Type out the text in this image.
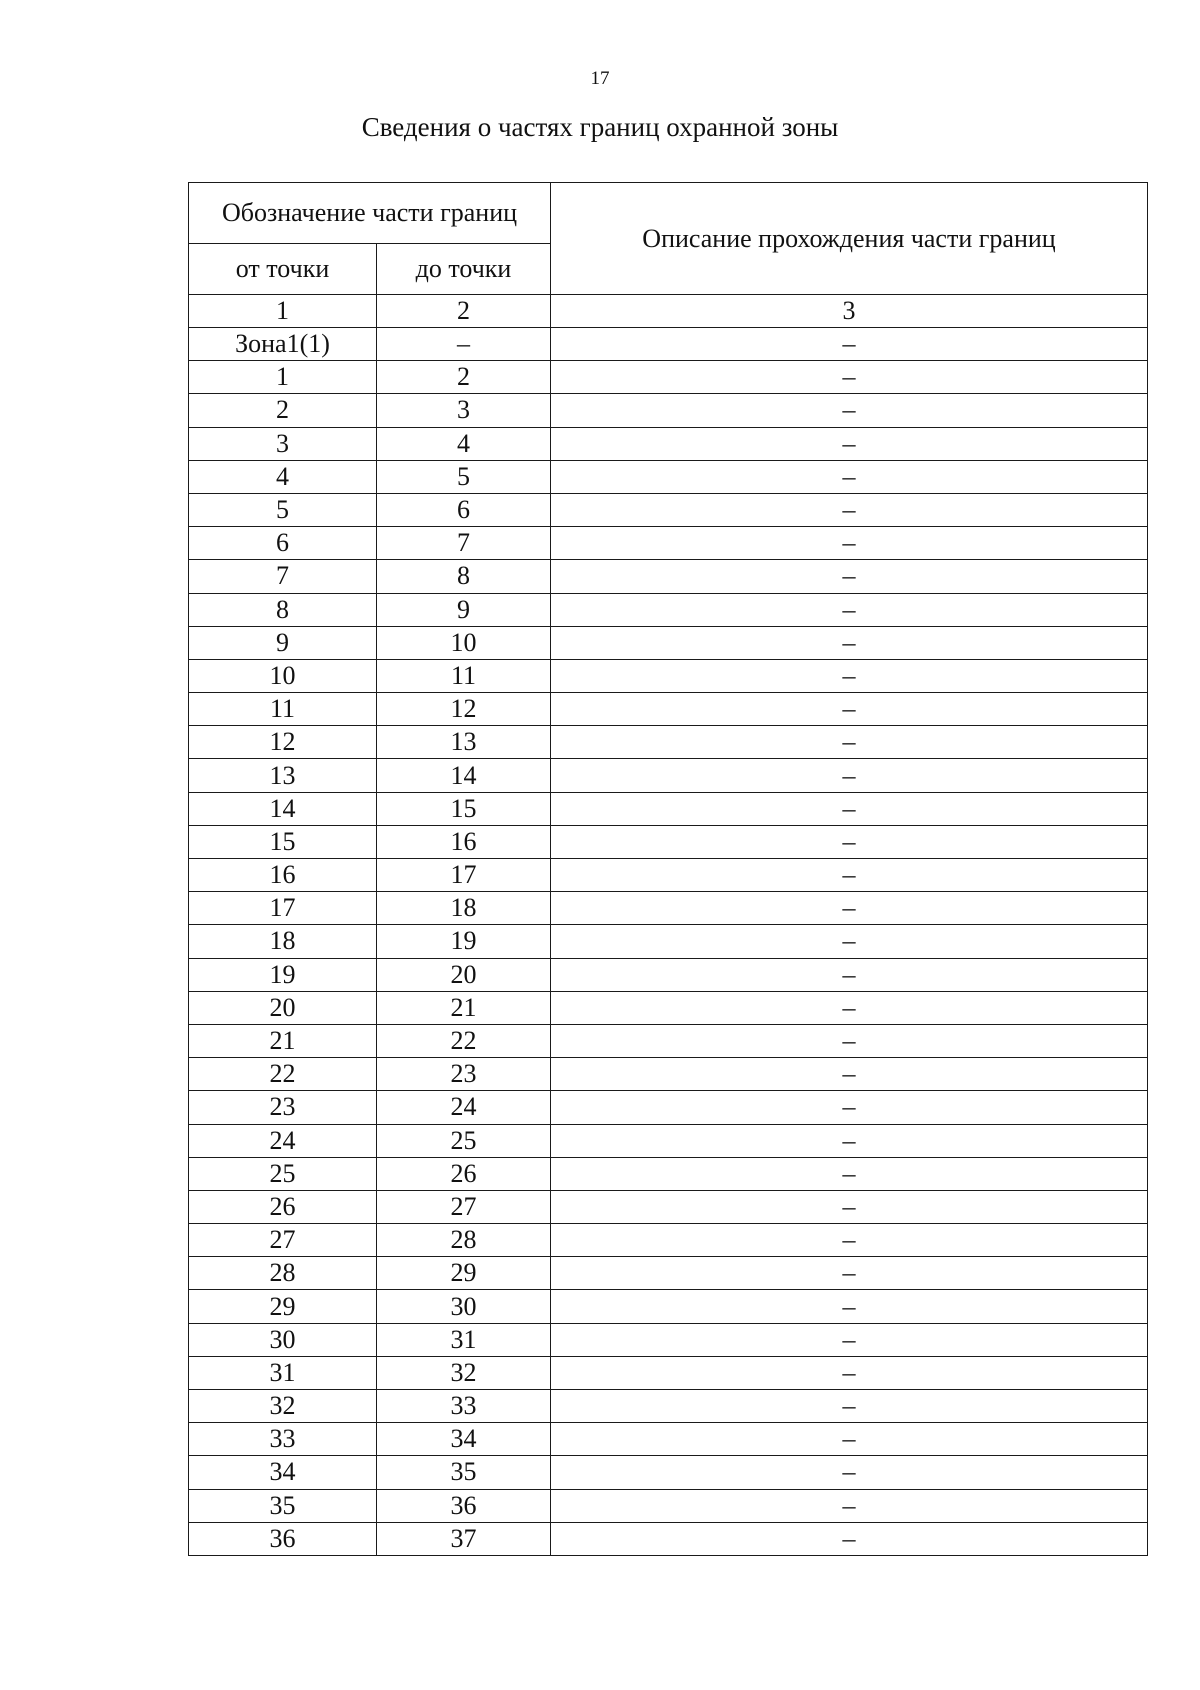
17
Сведения о частях границ охранной зоны
Обозначение части границ		Описание прохождения части границ
от точки	до точки	
1	2	3
Зона1(1)	–	–
1	2	–
2	3	–
3	4	–
4	5	–
5	6	–
6	7	–
7	8	–
8	9	–
9	10	–
10	11	–
11	12	–
12	13	–
13	14	–
14	15	–
15	16	–
16	17	–
17	18	–
18	19	–
19	20	–
20	21	–
21	22	–
22	23	–
23	24	–
24	25	–
25	26	–
26	27	–
27	28	–
28	29	–
29	30	–
30	31	–
31	32	–
32	33	–
33	34	–
34	35	–
35	36	–
36	37	–
